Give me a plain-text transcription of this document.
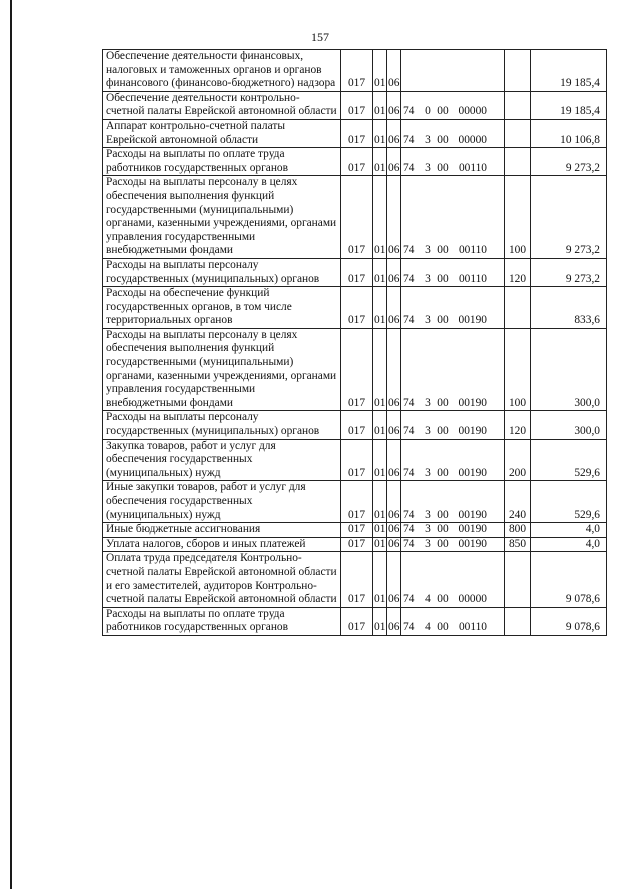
157
Обеспечение деятельности финансовых, налоговых и таможенных органов и органов финансового (финансово-бюджетного) надзора	017	01	06			19 185,4
Обеспечение деятельности контрольно-счетной палаты Еврейской автономной области	017	01	06	74 0 00 00000		19 185,4
Аппарат контрольно-счетной палаты Еврейской автономной области	017	01	06	74 3 00 00000		10 106,8
Расходы на выплаты по оплате труда работников государственных органов	017	01	06	74 3 00 00110		9 273,2
Расходы на выплаты персоналу в целях обеспечения выполнения функций государственными (муниципальными) органами, казенными учреждениями, органами управления государственными внебюджетными фондами	017	01	06	74 3 00 00110	100	9 273,2
Расходы на выплаты персоналу государственных (муниципальных) органов	017	01	06	74 3 00 00110	120	9 273,2
Расходы на обеспечение функций государственных органов, в том числе территориальных органов	017	01	06	74 3 00 00190		833,6
Расходы на выплаты персоналу в целях обеспечения выполнения функций государственными (муниципальными) органами, казенными учреждениями, органами управления государственными внебюджетными фондами	017	01	06	74 3 00 00190	100	300,0
Расходы на выплаты персоналу государственных (муниципальных) органов	017	01	06	74 3 00 00190	120	300,0
Закупка товаров, работ и услуг для обеспечения государственных (муниципальных) нужд	017	01	06	74 3 00 00190	200	529,6
Иные закупки товаров, работ и услуг для обеспечения государственных (муниципальных) нужд	017	01	06	74 3 00 00190	240	529,6
Иные бюджетные ассигнования	017	01	06	74 3 00 00190	800	4,0
Уплата налогов, сборов и иных платежей	017	01	06	74 3 00 00190	850	4,0
Оплата труда председателя Контрольно-счетной палаты Еврейской автономной области и его заместителей, аудиторов Контрольно-счетной палаты Еврейской автономной области	017	01	06	74 4 00 00000		9 078,6
Расходы на выплаты по оплате труда работников государственных органов	017	01	06	74 4 00 00110		9 078,6
